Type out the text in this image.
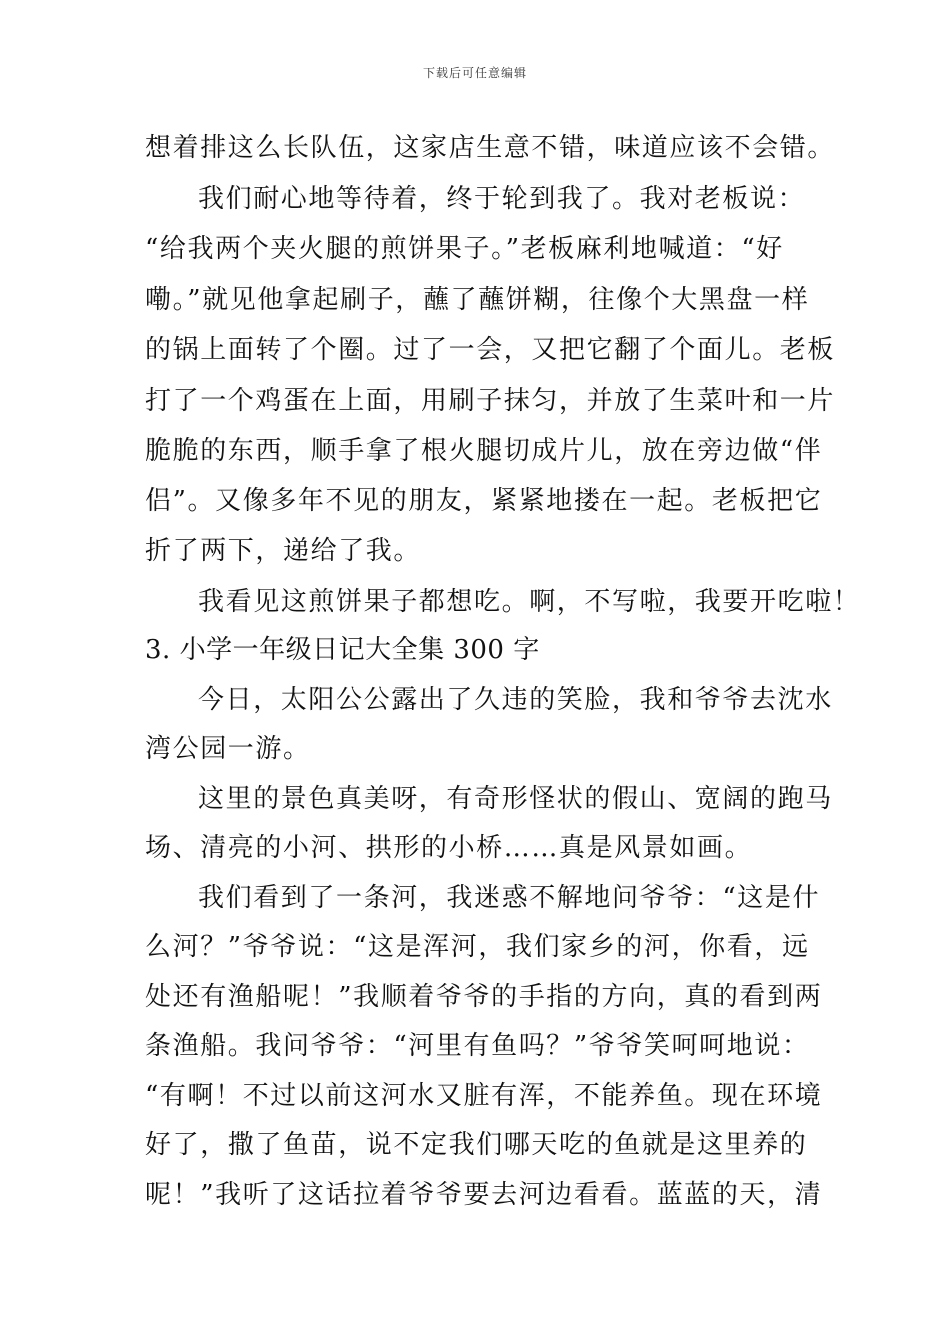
下载后可任意编辑
想着排这么长队伍，这家店生意不错，味道应该不会错。
我们耐心地等待着，终于轮到我了。我对老板说：
“给我两个夹火腿的煎饼果子。”老板麻利地喊道：“好
嘞。”就见他拿起刷子，蘸了蘸饼糊，往像个大黑盘一样
的锅上面转了个圈。过了一会，又把它翻了个面儿。老板
打了一个鸡蛋在上面，用刷子抹匀，并放了生菜叶和一片
脆脆的东西，顺手拿了根火腿切成片儿，放在旁边做“伴
侣”。又像多年不见的朋友，紧紧地搂在一起。老板把它
折了两下，递给了我。
我看见这煎饼果子都想吃。啊，不写啦，我要开吃啦！
3. 小学一年级日记大全集 300 字
今日，太阳公公露出了久违的笑脸，我和爷爷去沈水
湾公园一游。
这里的景色真美呀，有奇形怪状的假山、宽阔的跑马
场、清亮的小河、拱形的小桥……真是风景如画。
我们看到了一条河，我迷惑不解地问爷爷：“这是什
么河？”爷爷说：“这是浑河，我们家乡的河，你看，远
处还有渔船呢！”我顺着爷爷的手指的方向，真的看到两
条渔船。我问爷爷：“河里有鱼吗？”爷爷笑呵呵地说：
“有啊！不过以前这河水又脏有浑，不能养鱼。现在环境
好了，撒了鱼苗，说不定我们哪天吃的鱼就是这里养的
呢！”我听了这话拉着爷爷要去河边看看。蓝蓝的天，清
